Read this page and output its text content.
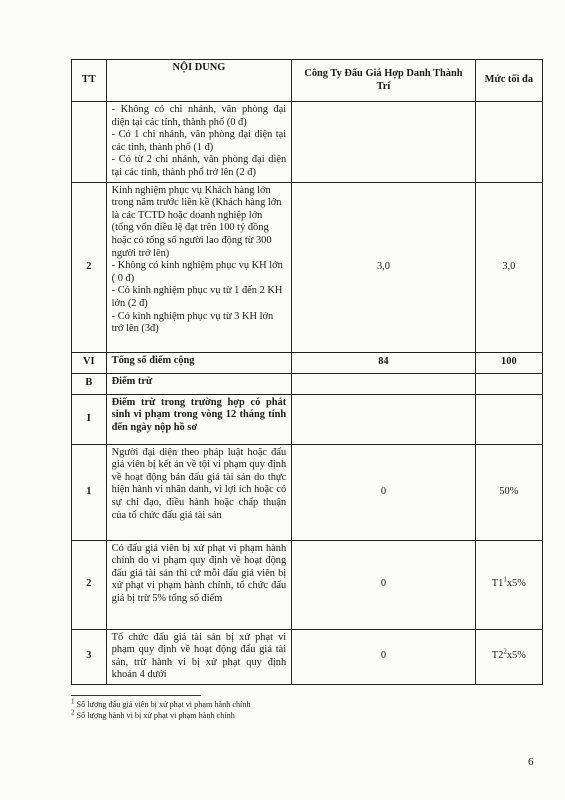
TT	NỘI DUNG	Công Ty Đấu Giá Hợp Danh Thành Trí	Mức tối đa

	- Không có chi nhánh, văn phòng đại diện tại các tỉnh, thành phố (0 đ)
- Có 1 chi nhánh, văn phòng đại diện tại các tỉnh, thành phố (1 đ)
- Có từ 2 chi nhánh, văn phòng đại diện tại các tỉnh, thành phố trở lên (2 đ)		

2	Kinh nghiệm phục vụ Khách hàng lớn trong năm trước liền kề (Khách hàng lớn là các TCTD hoặc doanh nghiệp lớn (tổng vốn điều lệ đạt trên 100 tỷ đồng hoặc có tổng số người lao động từ 300 người trở lên)
- Không có kinh nghiệm phục vụ KH lớn ( 0 đ)
- Có kinh nghiệm phục vụ từ 1 đến 2 KH lớn (2 đ)
- Có kinh nghiệm phục vụ từ 3 KH lớn trở lên (3đ)	3,0	3,0
VI	Tổng số điểm cộng	84	100
B	Điểm trừ		
I	Điểm trừ trong trường hợp có phát sinh vi phạm trong vòng 12 tháng tính đến ngày nộp hồ sơ		
1	Người đại diện theo pháp luật hoặc đấu giá viên bị kết án về tội vi phạm quy định về hoạt động bán đấu giá tài sản do thực hiện hành vi nhân danh, vì lợi ích hoặc có sự chỉ đạo, điều hành hoặc chấp thuận của tổ chức đấu giá tài sản	0	50%
2	Có đấu giá viên bị xử phạt vi phạm hành chính do vi phạm quy định về hoạt động đấu giá tài sản thì cứ mỗi đấu giá viên bị xử phạt vi phạm hành chính, tổ chức đấu giá bị trừ 5% tổng số điểm	0	$T1^1x5\%$
3	Tổ chức đấu giá tài sản bị xử phạt vi phạm quy định về hoạt động đấu giá tài sản, trừ hành vi bị xử phạt quy định khoản 4 dưới	0	$T2^2x5\%$
$^1$ Số lượng đấu giá viên bị xử phạt vi phạm hành chính
$^2$ Số lượng hành vi bị xử phạt vi phạm hành chính
6
